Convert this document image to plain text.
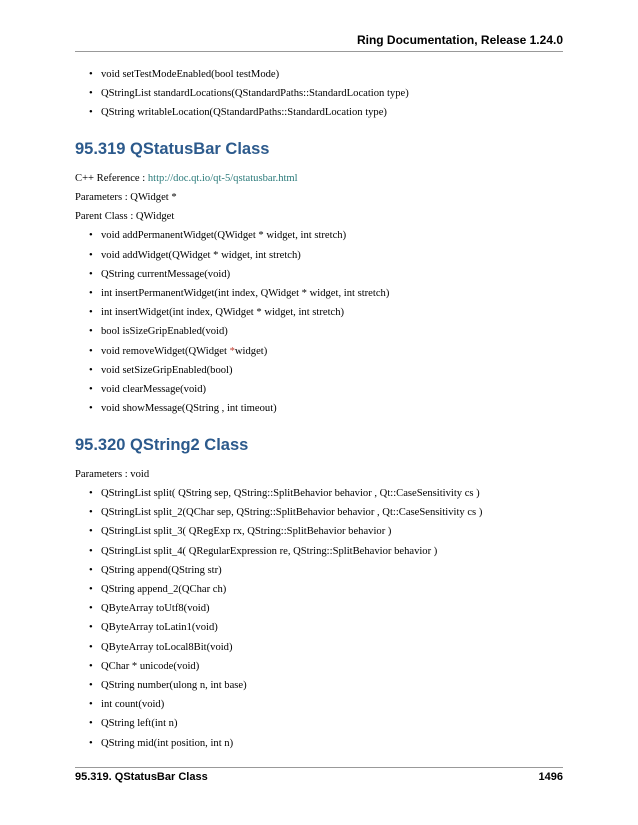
Ring Documentation, Release 1.24.0
• void setTestModeEnabled(bool testMode)
• QStringList standardLocations(QStandardPaths::StandardLocation type)
• QString writableLocation(QStandardPaths::StandardLocation type)
95.319 QStatusBar Class

C++ Reference : http://doc.qt.io/qt-5/qstatusbar.html

Parameters : QWidget *

Parent Class : QWidget

• void addPermanentWidget(QWidget * widget, int stretch)
• void addWidget(QWidget * widget, int stretch)
• QString currentMessage(void)
• int insertPermanentWidget(int index, QWidget * widget, int stretch)
• int insertWidget(int index, QWidget * widget, int stretch)
• bool isSizeGripEnabled(void)
• void removeWidget(QWidget *widget)
• void setSizeGripEnabled(bool)
• void clearMessage(void)
• void showMessage(QString , int timeout)
95.320 QString2 Class

Parameters : void

• QStringList split( QString sep, QString::SplitBehavior behavior , Qt::CaseSensitivity cs )
• QStringList split_2(QChar sep, QString::SplitBehavior behavior , Qt::CaseSensitivity cs )
• QStringList split_3( QRegExp rx, QString::SplitBehavior behavior )
• QStringList split_4( QRegularExpression re, QString::SplitBehavior behavior )
• QString append(QString str)
• QString append_2(QChar ch)
• QByteArray toUtf8(void)
• QByteArray toLatin1(void)
• QByteArray toLocal8Bit(void)
• QChar * unicode(void)
• QString number(ulong n, int base)
• int count(void)
• QString left(int n)
• QString mid(int position, int n)
95.319. QStatusBar Class	1496
